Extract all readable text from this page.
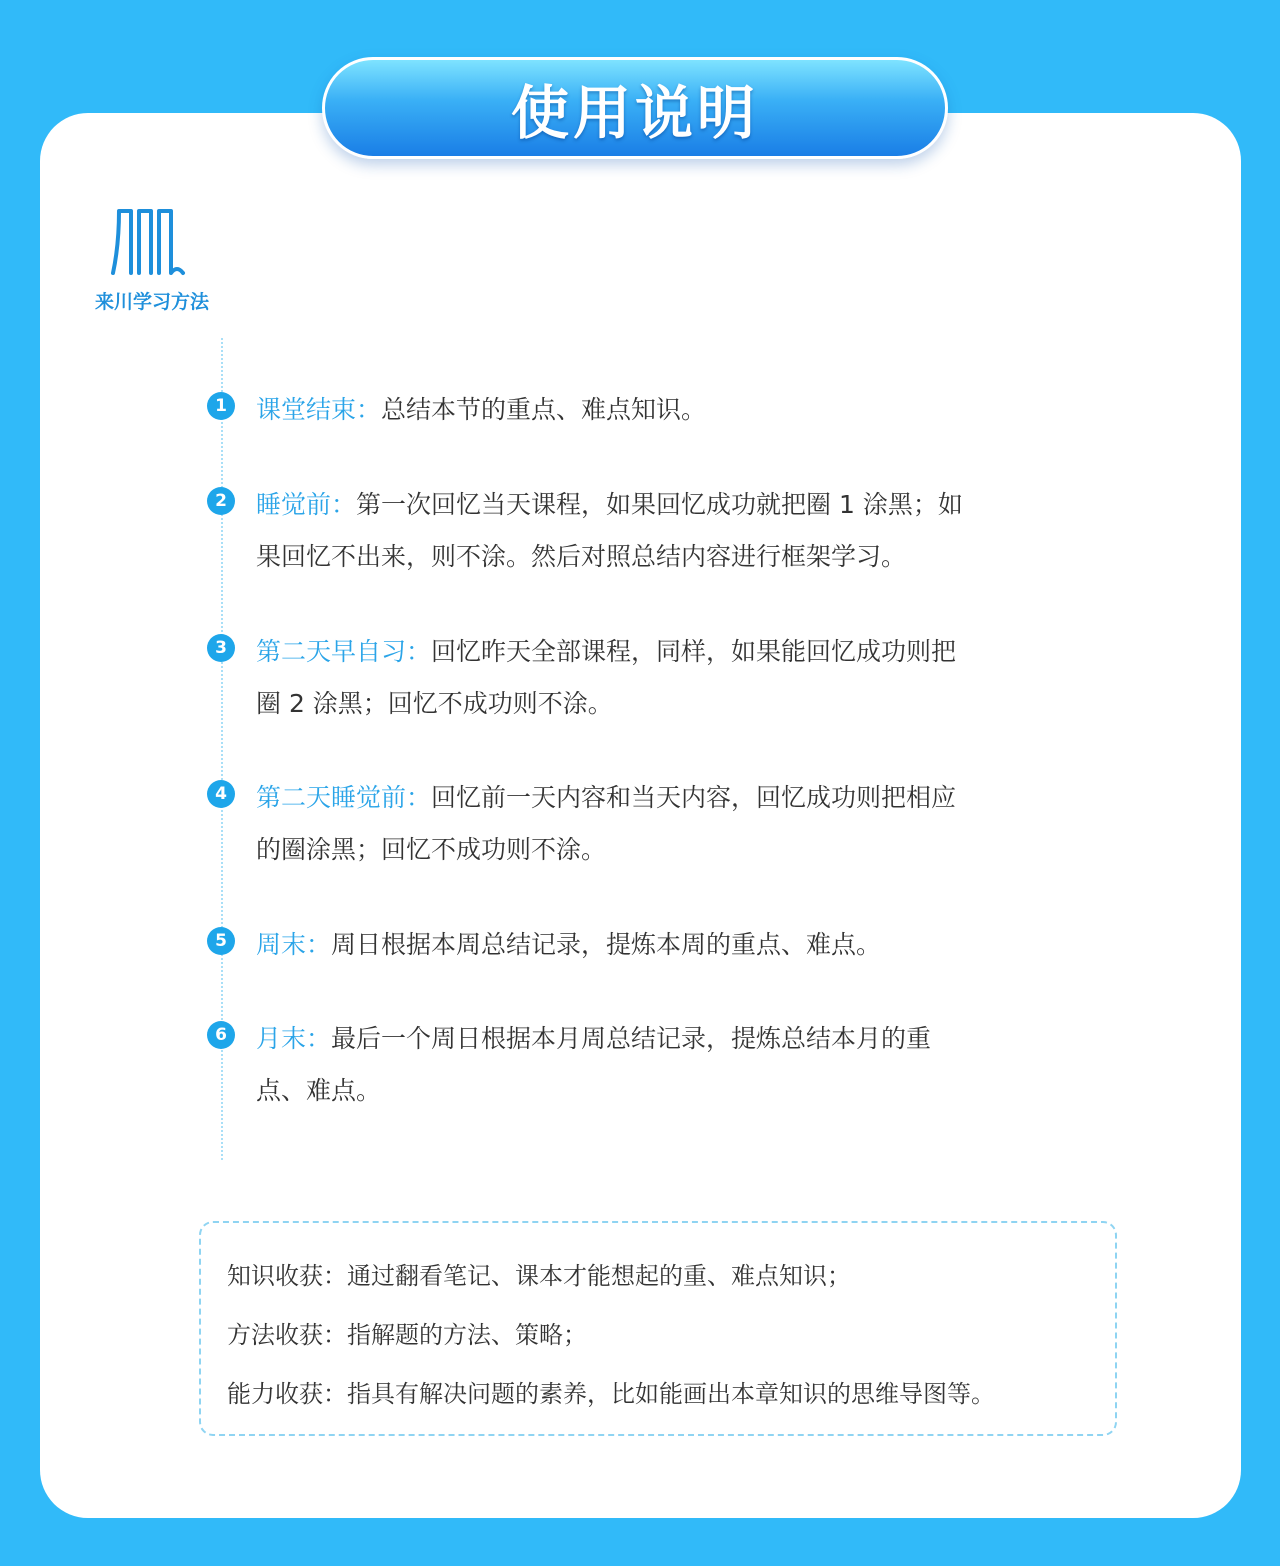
使用说明
来川学习方法
1	课堂结束：总结本节的重点、难点知识。
2	睡觉前：第一次回忆当天课程，如果回忆成功就把圈 1 涂黑；如果回忆不出来，则不涂。然后对照总结内容进行框架学习。
3	第二天早自习：回忆昨天全部课程，同样，如果能回忆成功则把圈 2 涂黑；回忆不成功则不涂。
4	第二天睡觉前：回忆前一天内容和当天内容，回忆成功则把相应的圈涂黑；回忆不成功则不涂。
5	周末：周日根据本周总结记录，提炼本周的重点、难点。
6	月末：最后一个周日根据本月周总结记录，提炼总结本月的重点、难点。
知识收获：通过翻看笔记、课本才能想起的重、难点知识；
方法收获：指解题的方法、策略；
能力收获：指具有解决问题的素养，比如能画出本章知识的思维导图等。
